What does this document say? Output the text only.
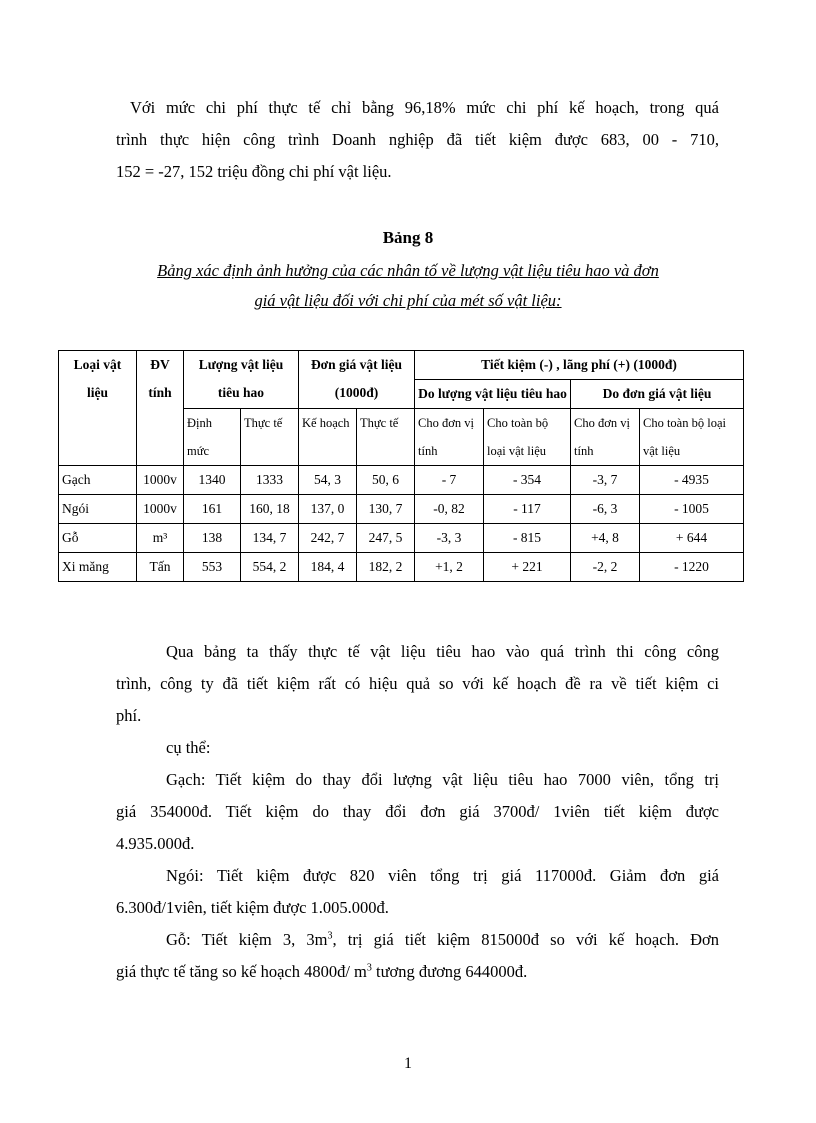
Với mức chi phí thực tế chỉ bằng 96,18% mức chi phí kế hoạch, trong quá
trình thực hiện công trình Doanh nghiệp đã tiết kiệm được 683, 00 - 710,
152 = -27, 152 triệu đồng chi phí vật liệu.
Bảng 8
Bảng xác định ảnh hưởng của các nhân tố về lượng vật liệu tiêu hao và đơn
giá vật liệu đối với chi phí của mét số vật liệu:
Loại vật liệu	ĐV tính	Lượng vật liệu tiêu hao		Đơn giá vật liệu (1000đ)		Tiết kiệm (-) , lãng phí (+) (1000đ)			
						Do lượng vật liệu tiêu hao		Do đơn giá vật liệu	
		Định mức	Thực tế	Kế hoạch	Thực tế	Cho đơn vị tính	Cho toàn bộ loại vật liệu	Cho đơn vị tính	Cho toàn bộ loại vật liệu
Gạch	1000v	1340	1333	54, 3	50, 6	- 7	- 354	-3, 7	- 4935
Ngói	1000v	161	160, 18	137, 0	130, 7	-0, 82	- 117	-6, 3	- 1005
Gỗ	m³	138	134, 7	242, 7	247, 5	-3, 3	- 815	+4, 8	+ 644
Xi măng	Tấn	553	554, 2	184, 4	182, 2	+1, 2	+ 221	-2, 2	- 1220
Qua bảng ta thấy thực tế vật liệu tiêu hao vào quá trình thi công công
trình, công ty đã tiết kiệm rất có hiệu quả so với kế hoạch đề ra về tiết kiệm ci
phí.
cụ thể:
Gạch: Tiết kiệm do thay đổi lượng vật liệu tiêu hao 7000 viên, tổng trị
giá 354000đ. Tiết kiệm do thay đổi đơn giá 3700đ/ 1viên tiết kiệm được
4.935.000đ.
Ngói: Tiết kiệm được 820 viên tổng trị giá 117000đ. Giảm đơn giá
6.300đ/1viên, tiết kiệm được 1.005.000đ.
Gỗ: Tiết kiệm 3, $3m^3$, trị giá tiết kiệm 815000đ so với kế hoạch. Đơn
giá thực tế tăng so kế hoạch 4800đ/ $m^3$ tương đương 644000đ.
1
